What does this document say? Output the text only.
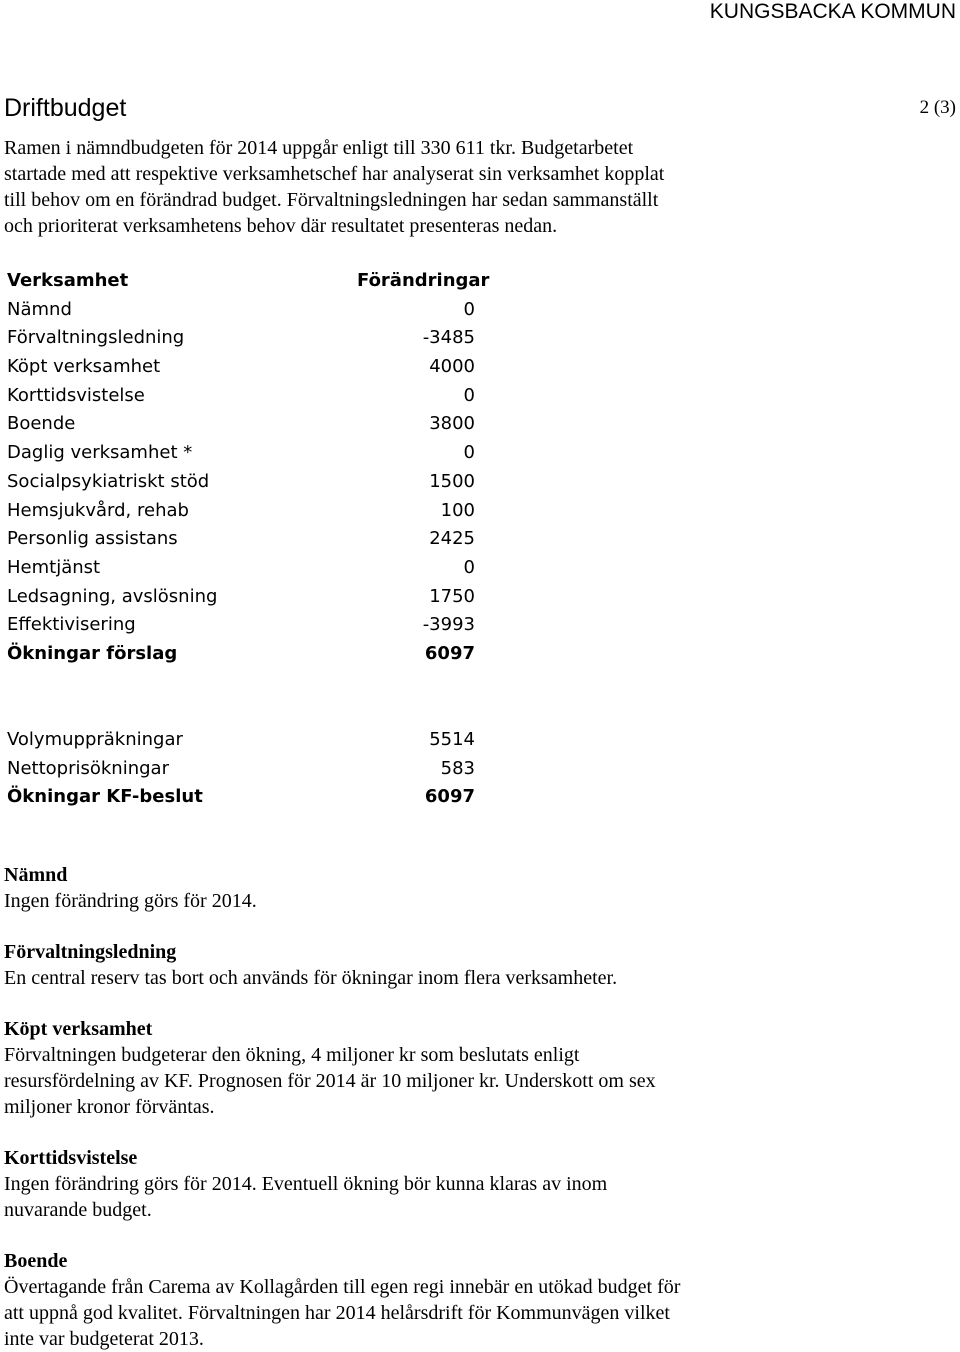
KUNGSBACKA KOMMUN
Driftbudget	2 (3)
Ramen i nämndbudgeten för 2014 uppgår enligt till 330 611 tkr. Budgetarbetet
startade med att respektive verksamhetschef har analyserat sin verksamhet kopplat
till behov om en förändrad budget. Förvaltningsledningen har sedan sammanställt
och prioriterat verksamhetens behov där resultatet presenteras nedan.
Verksamhet	Förändringar
Nämnd	0
Förvaltningsledning	-3485
Köpt verksamhet	4000
Korttidsvistelse	0
Boende	3800
Daglig verksamhet *	0
Socialpsykiatriskt stöd	1500
Hemsjukvård, rehab	100
Personlig assistans	2425
Hemtjänst	0
Ledsagning, avslösning	1750
Effektivisering	-3993
Ökningar förslag	6097
Volymuppräkningar	5514
Nettoprisökningar	583
Ökningar KF-beslut	6097
Nämnd
Ingen förändring görs för 2014.
Förvaltningsledning
En central reserv tas bort och används för ökningar inom flera verksamheter.
Köpt verksamhet
Förvaltningen budgeterar den ökning, 4 miljoner kr som beslutats enligt
resursfördelning av KF. Prognosen för 2014 är 10 miljoner kr. Underskott om sex
miljoner kronor förväntas.
Korttidsvistelse
Ingen förändring görs för 2014. Eventuell ökning bör kunna klaras av inom
nuvarande budget.
Boende
Övertagande från Carema av Kollagården till egen regi innebär en utökad budget för
att uppnå god kvalitet. Förvaltningen har 2014 helårsdrift för Kommunvägen vilket
inte var budgeterat 2013.
